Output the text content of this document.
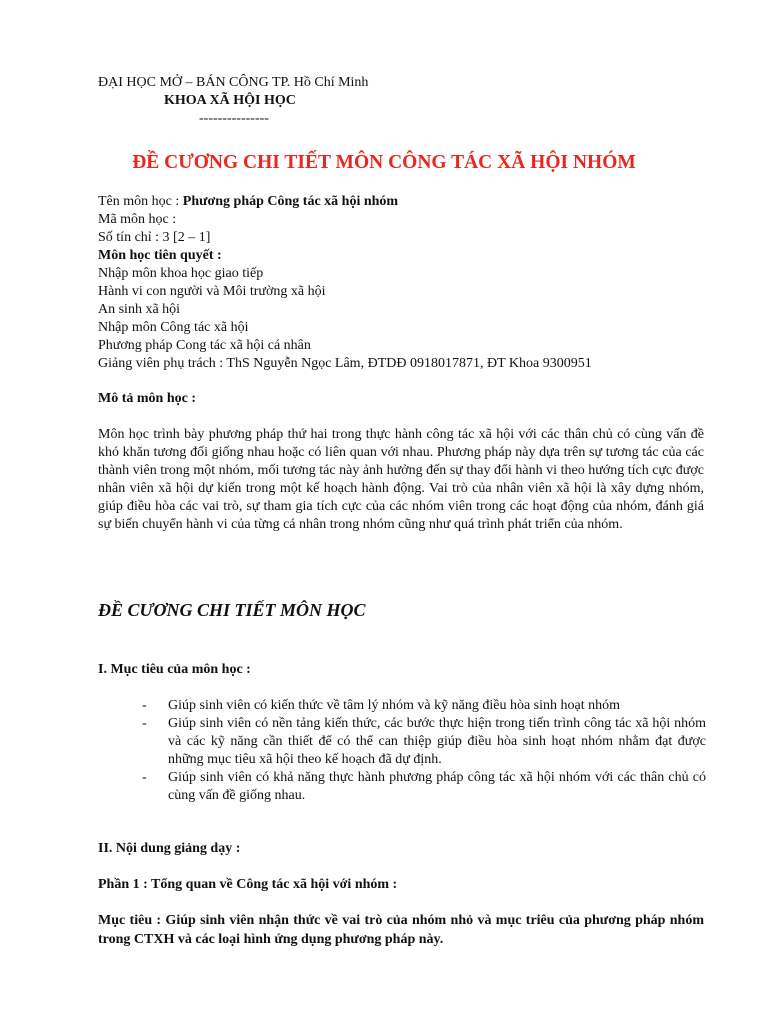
ĐẠI HỌC MỞ – BÁN CÔNG TP. Hồ Chí Minh
KHOA XÃ HỘI HỌC
---------------
ĐỀ CƯƠNG CHI TIẾT MÔN CÔNG TÁC XÃ HỘI NHÓM
Tên môn học : Phương pháp Công tác xã hội nhóm
Mã môn học :
Số tín chỉ : 3 [2 – 1]
Môn học tiên quyết :
Nhập môn khoa học giao tiếp
Hành vi con người và Môi trường xã hội
An sinh xã hội
Nhập môn Công tác xã hội
Phương pháp Cong tác xã hội cá nhân
Giảng viên phụ trách : ThS Nguyễn Ngọc Lâm, ĐTDĐ 0918017871, ĐT Khoa 9300951
Mô tả môn học :
Môn học trình bày phương pháp thứ hai trong thực hành công tác xã hội với các thân chủ có cùng vấn đề khó khăn tương đối giống nhau hoặc có liên quan với nhau. Phương pháp này dựa trên sự tương tác của các thành viên trong một nhóm, mối tương tác này ảnh hưởng đến sự thay đổi hành vi theo hướng tích cực được nhân viên xã hội dự kiến trong một kế hoạch hành động. Vai trò của nhân viên xã hội là xây dựng nhóm, giúp điều hòa các vai trò, sự tham gia tích cực của các nhóm viên trong các hoạt động của nhóm, đánh giá sự biến chuyển hành vi của từng cá nhân trong nhóm cũng như quá trình phát triển của nhóm.
ĐỀ CƯƠNG CHI TIẾT MÔN HỌC
I. Mục tiêu của môn học :
- Giúp sinh viên có kiến thức về tâm lý nhóm và kỹ năng điều hòa sinh hoạt nhóm
- Giúp sinh viên có nền tảng kiến thức, các bước thực hiện trong tiến trình công tác xã hội nhóm và các kỹ năng cần thiết để có thể can thiệp giúp điều hòa sinh hoạt nhóm nhằm đạt được những mục tiêu xã hội theo kế hoạch đã dự định.
- Giúp sinh viên có khả năng thực hành phương pháp công tác xã hội nhóm với các thân chủ có cùng vấn đề giống nhau.
II. Nội dung giảng dạy :
Phần 1 : Tổng quan về Công tác xã hội với nhóm :
Mục tiêu : Giúp sinh viên nhận thức về vai trò của nhóm nhỏ và mục triêu của phương pháp nhóm trong CTXH và các loại hình ứng dụng phương pháp này.
